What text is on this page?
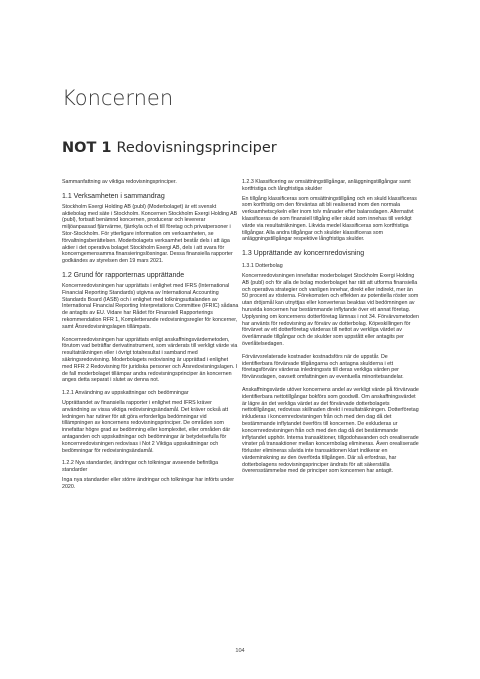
Koncernen
NOT 1 Redovisningsprinciper

Sammanfattning av viktiga redovisningsprinciper.

1.1 Verksamheten i sammandrag

Stockholm Exergi Holding AB (publ) (Moderbolaget) är ett svenskt aktiebolag med säte i Stockholm. Koncernen Stockholm Exergi Holding AB (publ), fortsatt benämnd koncernen, producerar och levererar miljöanpassad fjärrvärme, fjärrkyla och el till företag och privatpersoner i Stor-Stockholm. För ytterligare information om verksamheten, se förvaltningsberättelsen. Moderbolagets verksamhet består dels i att äga aktier i det operativa bolaget Stockholm Exergi AB, dels i att svara för koncerngemensamma finansieringslösningar. Dessa finansiella rapporter godkändes av styrelsen den 19 mars 2021.

1.2 Grund för rapporternas upprättande

Koncernredovisningen har upprättats i enlighet med IFRS (International Financial Reporting Standards) utgivna av International Accounting Standards Board (IASB) och i enlighet med tolkningsuttalanden av International Financial Reporting Interpretations Committee (IFRIC) sådana de antagits av EU. Vidare har Rådet för Finansiell Rapporterings rekommendation RFR 1, Kompletterande redovisningsregler för koncerner, samt Årsredovisningslagen tillämpats.

Koncernredovisningen har upprättats enligt anskaffningsvärdemetoden, förutom vad beträffar derivatinstrument, som värderats till verkligt värde via resultaträkningen eller i övrigt totalresultat i samband med säkringsredovisning. Moderbolagets redovisning är upprättad i enlighet med RFR 2 Redovisning för juridiska personer och Årsredovisningslagen. I de fall moderbolaget tillämpar andra redovisningsprinciper än koncernen anges detta separat i slutet av denna not.

1.2.1 Användning av uppskattningar och bedömningar

Upprättandet av finansiella rapporter i enlighet med IFRS kräver användning av vissa viktiga redovisningsändamål. Det kräver också att ledningen har rutiner för att göra erforderliga bedömningar vid tillämpningen av koncernens redovisningsprinciper. De områden som innefattar högre grad av bedömning eller komplexitet, eller områden där antaganden och uppskattningar och bedömningar är betydelsefulla för koncernredovisningen redovisas i Not 2 Viktiga uppskattningar och bedömningar för redovisningsändamål.

1.2.2 Nya standarder, ändringar och tolkningar avseende befintliga standarder

Inga nya standarder eller större ändringar och tolkningar har införts under 2020.

1.2.3 Klassificering av omsättningstillgångar, anläggningstillgångar samt kortfristiga och långfristiga skulder

En tillgång klassificeras som omsättningstillgång och en skuld klassificeras som kortfristig om den förväntas att bli realiserad inom den normala verksamhetscykeln eller inom tolv månader efter balansdagen. Alternativt klassificeras de som finansiell tillgång eller skuld som innehas till verkligt värde via resultaträkningen. Likvida medel klassificeras som kortfristiga tillgångar. Alla andra tillgångar och skulder klassificeras som anläggningstillgångar respektive långfristiga skulder.

1.3 Upprättande av koncernredovisning
1.3.1 Dotterbolag

Koncernredovisningen innefattar moderbolaget Stockholm Exergi Holding AB (publ) och för alla de bolag moderbolaget har rätt att utforma finansiella och operativa strategier och vanligen innehar, direkt eller indirekt, mer än 50 procent av rösterna. Förekomsten och effekten av potentiella röster som utan dröjsmål kan utnyttjas eller konverteras beaktas vid bedömningen av huruvida koncernen har bestämmande inflytande över ett annat företag. Upplysning om koncernens dotterföretag lämnas i not 34. Förvärvsmetoden har använts för redovisning av förvärv av dotterbolag. Köpeskillingen för förvärvet av ett dotterföretag värderas till nettot av verkliga värdet av överlämnade tillgångar och de skulder som uppstått eller antagits per överlåtelsedagen.

Förvärvsrelaterade kostnader kostnadsförs när de uppstår. De identifierbara förvärvade tillgångarna och antagna skulderna i ett företagsförvärv värderas inledningsvis till deras verkliga värden per förvärvsdagen, oavsett omfattningen av eventuella minoritetsandelar.

Anskaffningsvärde utöver koncernens andel av verkligt värde på förvärvade identifierbara nettotillgångar bokförs som goodwill. Om anskaffningsvärdet är lägre än det verkliga värdet av det förvärvade dotterbolagets nettotillgångar, redovisas skillnaden direkt i resultaträkningen. Dotterföretag inkluderas i koncernredovisningen från och med den dag då det bestämmande inflytandet överförs till koncernen. De exkluderas ur koncernredovisningen från och med den dag då det bestämmande inflytandet upphör. Interna transaktioner, tillgodohavanden och orealiserade vinster på transaktioner mellan koncernbolag elimineras. Även orealiserade förluster elimineras såvida inte transaktionen klart indikerar en värdeminskning av den överförda tillgången. Där så erfordras, har dotterbolagens redovisningsprinciper ändrats för att säkerställa överensstämmelse med de principer som koncernen har antagit.

104
